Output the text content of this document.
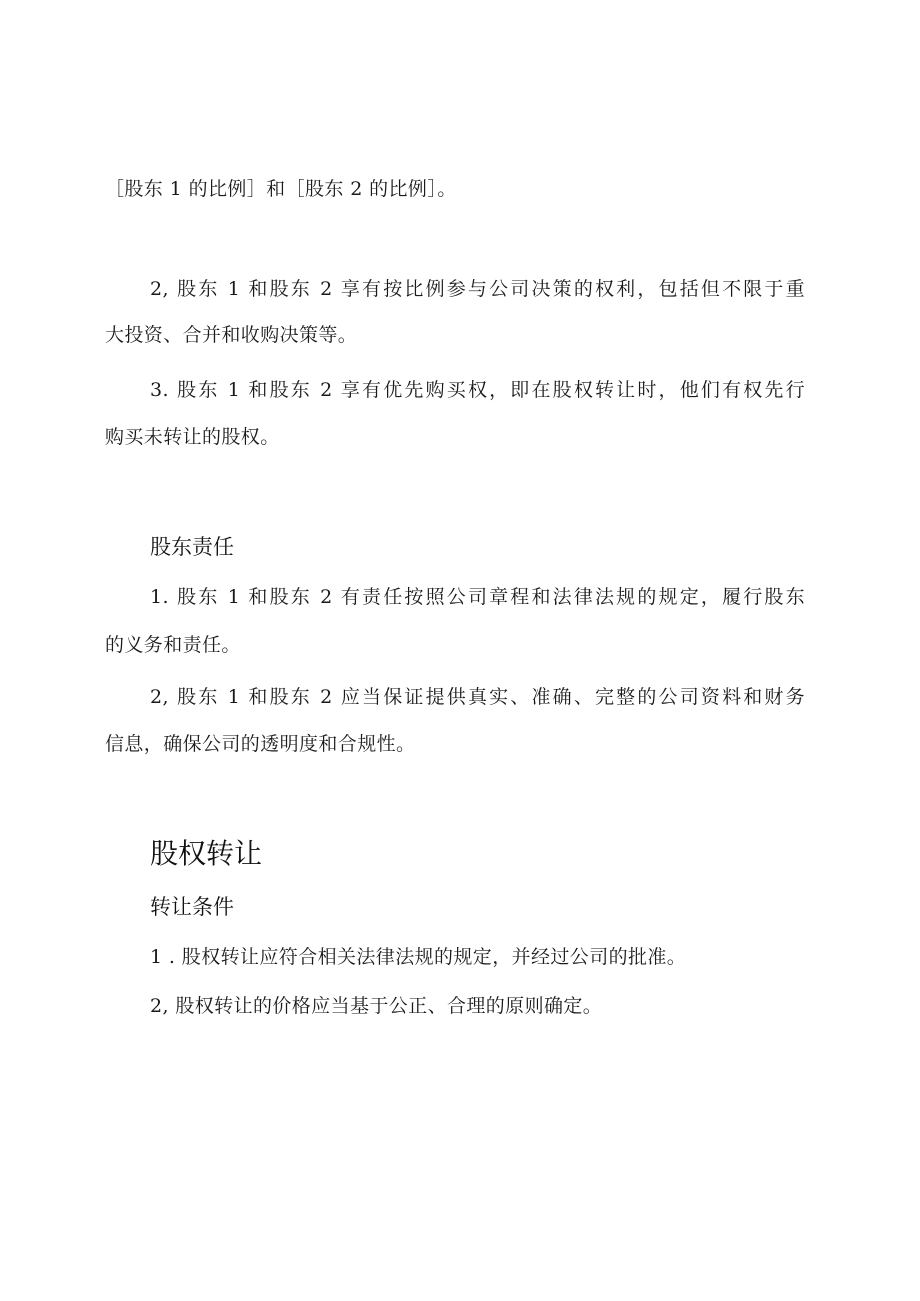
［股东 1 的比例］和［股东 2 的比例］。
2, 股东 1 和股东 2 享有按比例参与公司决策的权利，包括但不限于重
大投资、合并和收购决策等。
3. 股东 1 和股东 2 享有优先购买权，即在股权转让时，他们有权先行
购买未转让的股权。
股东责任
1. 股东 1 和股东 2 有责任按照公司章程和法律法规的规定，履行股东
的义务和责任。
2, 股东 1 和股东 2 应当保证提供真实、准确、完整的公司资料和财务
信息，确保公司的透明度和合规性。
股权转让
转让条件
1 . 股权转让应符合相关法律法规的规定，并经过公司的批准。
2, 股权转让的价格应当基于公正、合理的原则确定。
